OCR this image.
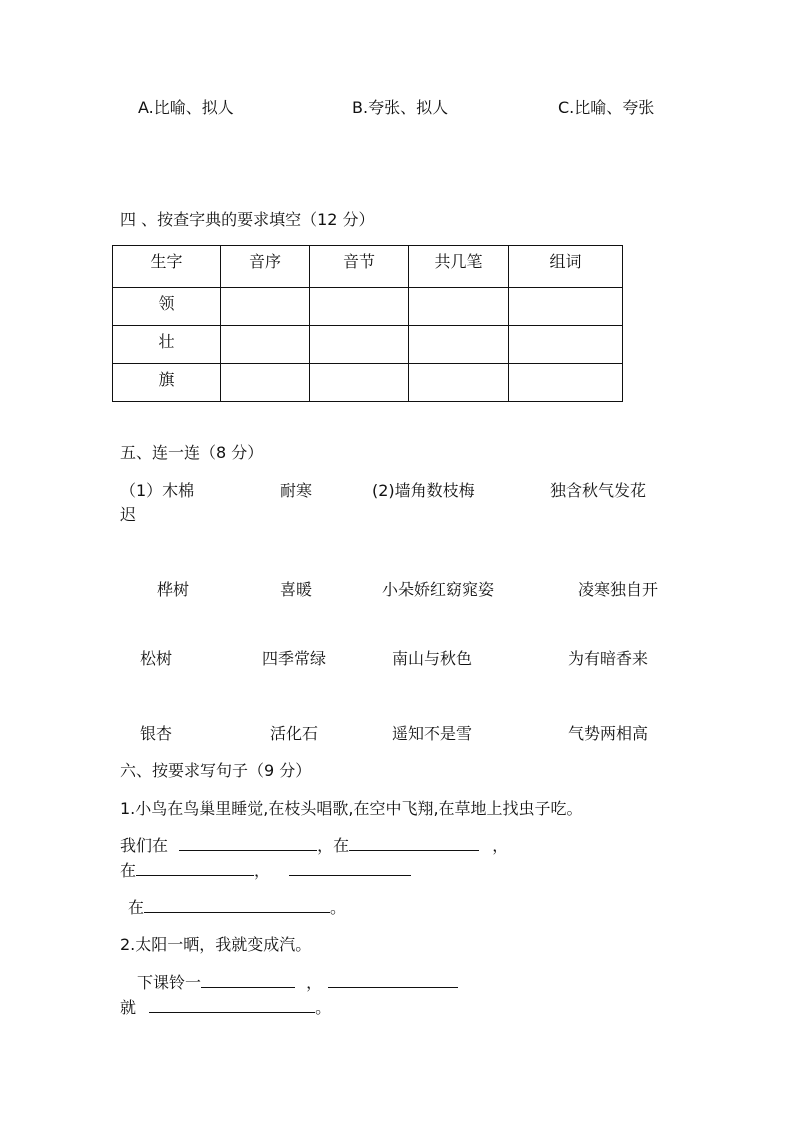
A.比喻、拟人	B.夸张、拟人	C.比喻、夸张
四 、按查字典的要求填空（12 分）
生字	音序	音节	共几笔	组词
领				
壮				
旗				
五、连一连（8 分）
（1）木棉	耐寒	(2)墙角数枝梅	独含秋气发花
迟
桦树	喜暖	小朵娇红窈窕姿	凌寒独自开
松树	四季常绿	南山与秋色	为有暗香来
银杏	活化石	遥知不是雪	气势两相高
六、按要求写句子（9 分）
1.小鸟在鸟巢里睡觉,在枝头唱歌,在空中飞翔,在草地上找虫子吃。
我们在	，在	，
在	，
在	。
2.太阳一晒，我就变成汽。
下课铃一	，
就	。
